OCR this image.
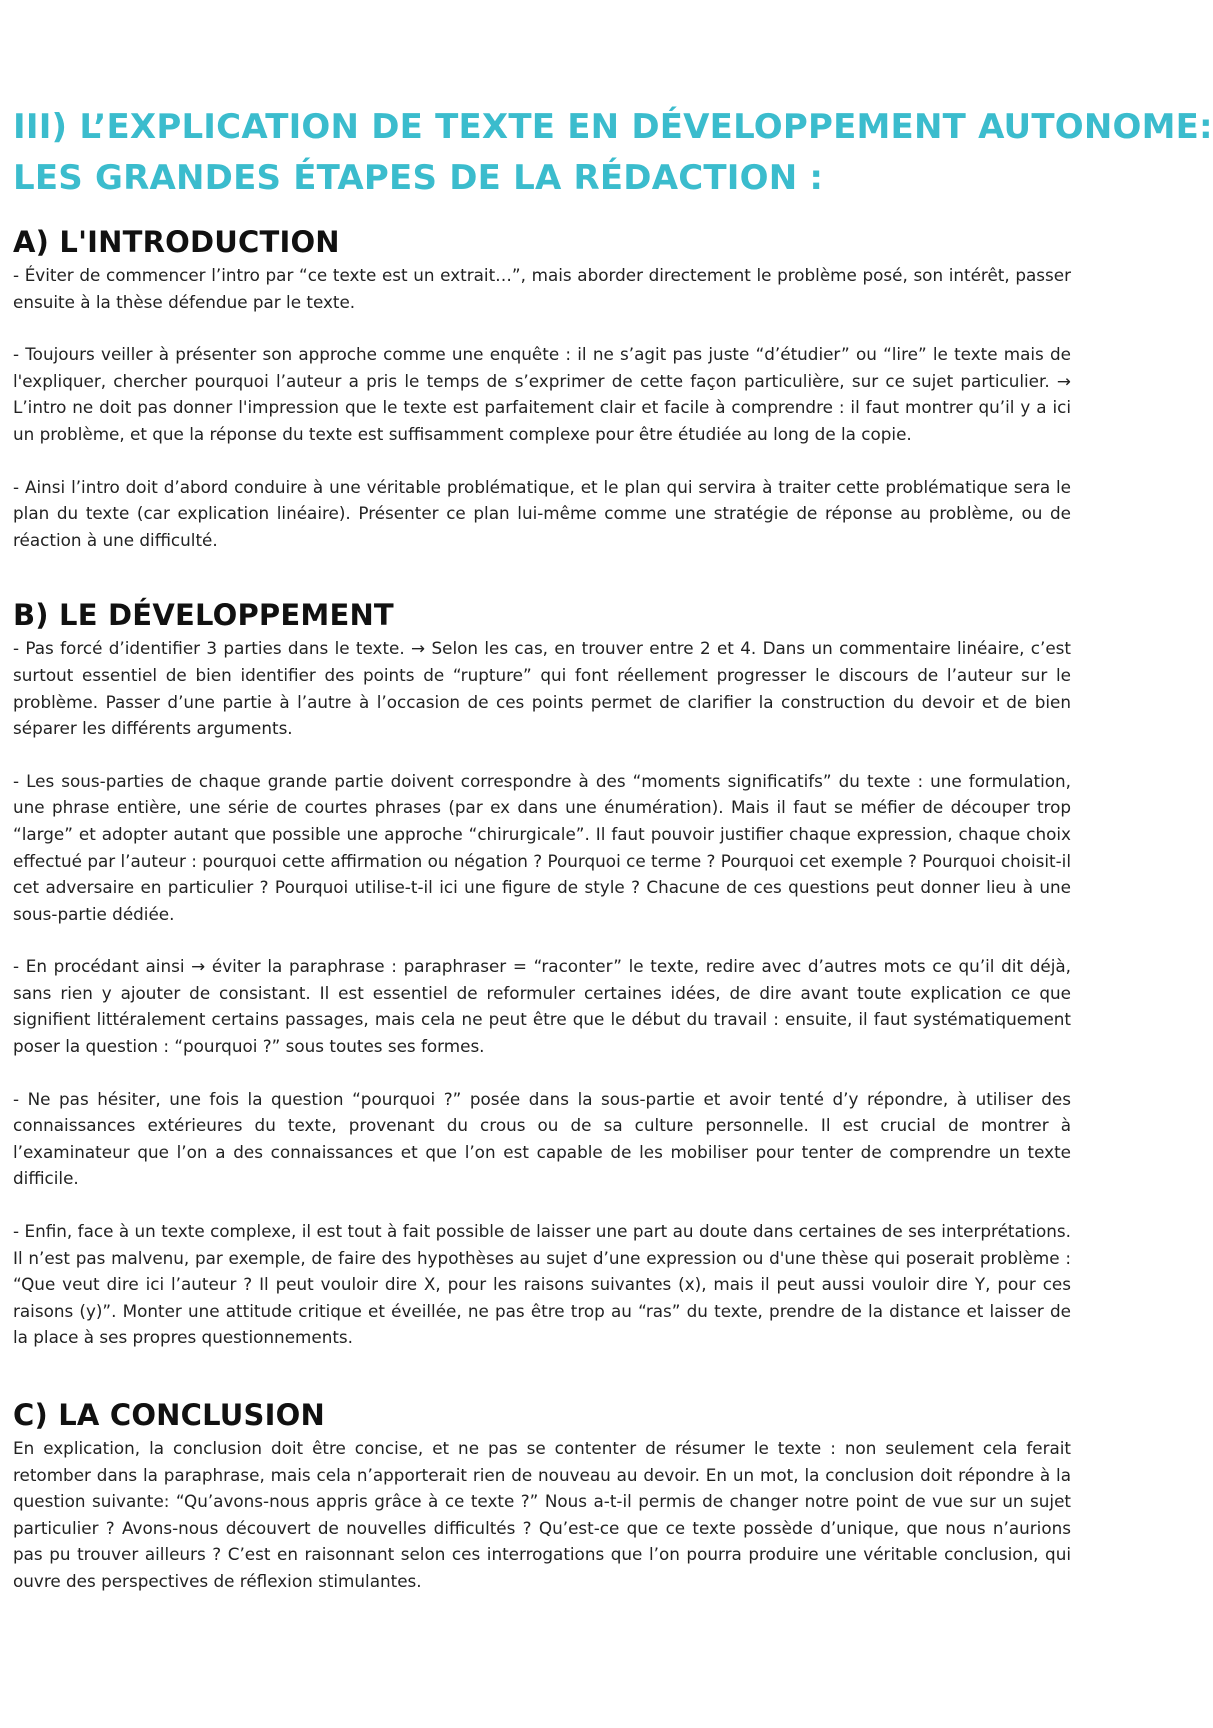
III) L’EXPLICATION DE TEXTE EN DÉVELOPPEMENT AUTONOME:
LES GRANDES ÉTAPES DE LA RÉDACTION :
A) L'INTRODUCTION

- Éviter de commencer l’intro par “ce texte est un extrait…”, mais aborder directement le problème posé, son intérêt, passer ensuite à la thèse défendue par le texte.

- Toujours veiller à présenter son approche comme une enquête : il ne s’agit pas juste “d’étudier” ou “lire” le texte mais de l'expliquer, chercher pourquoi l’auteur a pris le temps de s’exprimer de cette façon particulière, sur ce sujet particulier. → L’intro ne doit pas donner l'impression que le texte est parfaitement clair et facile à comprendre : il faut montrer qu’il y a ici un problème, et que la réponse du texte est suffisamment complexe pour être étudiée au long de la copie.

- Ainsi l’intro doit d’abord conduire à une véritable problématique, et le plan qui servira à traiter cette problématique sera le plan du texte (car explication linéaire). Présenter ce plan lui-même comme une stratégie de réponse au problème, ou de réaction à une difficulté.

B) LE DÉVELOPPEMENT

- Pas forcé d’identifier 3 parties dans le texte. → Selon les cas, en trouver entre 2 et 4. Dans un commentaire linéaire, c’est surtout essentiel de bien identifier des points de “rupture” qui font réellement progresser le discours de l’auteur sur le problème. Passer d’une partie à l’autre à l’occasion de ces points permet de clarifier la construction du devoir et de bien séparer les différents arguments.

- Les sous-parties de chaque grande partie doivent correspondre à des “moments significatifs” du texte : une formulation, une phrase entière, une série de courtes phrases (par ex dans une énumération). Mais il faut se méfier de découper trop “large” et adopter autant que possible une approche “chirurgicale”. Il faut pouvoir justifier chaque expression, chaque choix effectué par l’auteur : pourquoi cette affirmation ou négation ? Pourquoi ce terme ? Pourquoi cet exemple ? Pourquoi choisit-il cet adversaire en particulier ? Pourquoi utilise-t-il ici une figure de style ? Chacune de ces questions peut donner lieu à une sous-partie dédiée.

- En procédant ainsi → éviter la paraphrase : paraphraser = “raconter” le texte, redire avec d’autres mots ce qu’il dit déjà, sans rien y ajouter de consistant. Il est essentiel de reformuler certaines idées, de dire avant toute explication ce que signifient littéralement certains passages, mais cela ne peut être que le début du travail : ensuite, il faut systématiquement poser la question : “pourquoi ?” sous toutes ses formes.

- Ne pas hésiter, une fois la question “pourquoi ?” posée dans la sous-partie et avoir tenté d’y répondre, à utiliser des connaissances extérieures du texte, provenant du crous ou de sa culture personnelle. Il est crucial de montrer à l’examinateur que l’on a des connaissances et que l’on est capable de les mobiliser pour tenter de comprendre un texte difficile.

- Enfin, face à un texte complexe, il est tout à fait possible de laisser une part au doute dans certaines de ses interprétations. Il n’est pas malvenu, par exemple, de faire des hypothèses au sujet d’une expression ou d'une thèse qui poserait problème : “Que veut dire ici l’auteur ? Il peut vouloir dire X, pour les raisons suivantes (x), mais il peut aussi vouloir dire Y, pour ces raisons (y)”. Monter une attitude critique et éveillée, ne pas être trop au “ras” du texte, prendre de la distance et laisser de la place à ses propres questionnements.

C) LA CONCLUSION

En explication, la conclusion doit être concise, et ne pas se contenter de résumer le texte : non seulement cela ferait retomber dans la paraphrase, mais cela n’apporterait rien de nouveau au devoir. En un mot, la conclusion doit répondre à la question suivante: “Qu’avons-nous appris grâce à ce texte ?” Nous a-t-il permis de changer notre point de vue sur un sujet particulier ? Avons-nous découvert de nouvelles difficultés ? Qu’est-ce que ce texte possède d’unique, que nous n’aurions pas pu trouver ailleurs ? C’est en raisonnant selon ces interrogations que l’on pourra produire une véritable conclusion, qui ouvre des perspectives de réflexion stimulantes.
